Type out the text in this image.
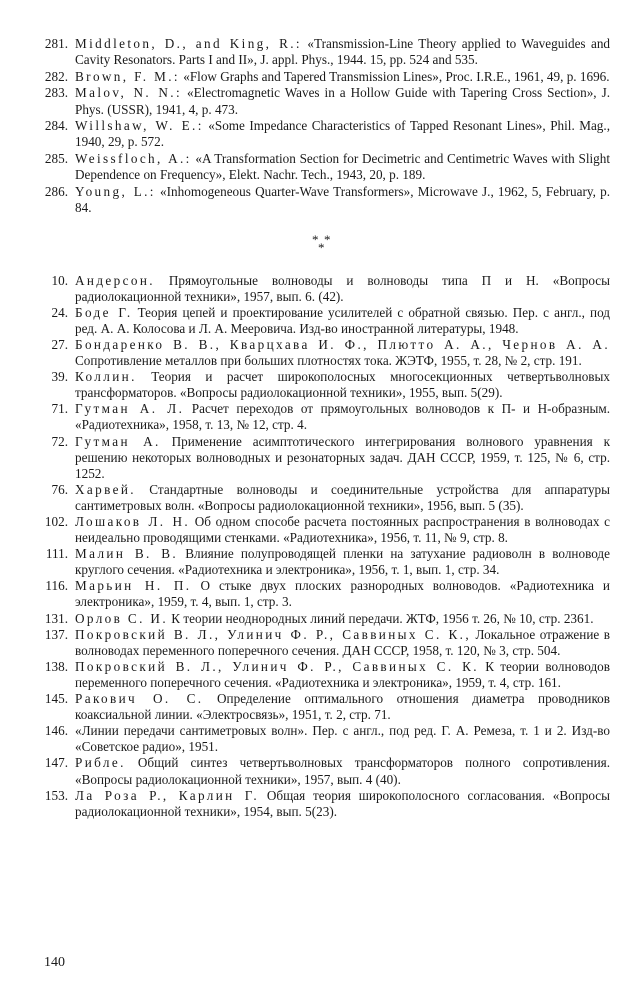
281. Middleton, D., and King, R.: «Transmission-Line Theory applied to Waveguides and Cavity Resonators. Parts I and II», J. appl. Phys., 1944. 15, pp. 524 and 535.
282. Brown, F. M.: «Flow Graphs and Tapered Transmission Lines», Proc. I.R.E., 1961, 49, p. 1696.
283. Malov, N. N.: «Electromagnetic Waves in a Hollow Guide with Tapering Cross Section», J. Phys. (USSR), 1941, 4, p. 473.
284. Willshaw, W. E.: «Some Impedance Characteristics of Tapped Resonant Lines», Phil. Mag., 1940, 29, p. 572.
285. Weissfloch, A.: «A Transformation Section for Decimetric and Centimetric Waves with Slight Dependence on Frequency», Elekt. Nachr. Tech., 1943, 20, p. 189.
286. Young, L.: «Inhomogeneous Quarter-Wave Transformers», Microwave J., 1962, 5, February, p. 84.
* *
*
10. Андерсон. Прямоугольные волноводы и волноводы типа П и Н. «Вопросы радиолокационной техники», 1957, вып. 6. (42).
24. Боде Г. Теория цепей и проектирование усилителей с обратной связью. Пер. с англ., под ред. А. А. Колосова и Л. А. Мееровича. Изд-во иностранной литературы, 1948.
27. Бондаренко В. В., Кварцхава И. Ф., Плютто А. А., Чернов А. А. Сопротивление металлов при больших плотностях тока. ЖЭТФ, 1955, т. 28, № 2, стр. 191.
39. Коллин. Теория и расчет широкополосных многосекционных четвертьволновых трансформаторов. «Вопросы радиолокационной техники», 1955, вып. 5(29).
71. Гутман А. Л. Расчет переходов от прямоугольных волноводов к П- и Н-образным. «Радиотехника», 1958, т. 13, № 12, стр. 4.
72. Гутман А. Применение асимптотического интегрирования волнового уравнения к решению некоторых волноводных и резонаторных задач. ДАН СССР, 1959, т. 125, № 6, стр. 1252.
76. Харвей. Стандартные волноводы и соединительные устройства для аппаратуры сантиметровых волн. «Вопросы радиолокационной техники», 1956, вып. 5 (35).
102. Лошаков Л. Н. Об одном способе расчета постоянных распространения в волноводах с неидеально проводящими стенками. «Радиотехника», 1956, т. 11, № 9, стр. 8.
111. Малин В. В. Влияние полупроводящей пленки на затухание радиоволн в волноводе круглого сечения. «Радиотехника и электроника», 1956, т. 1, вып. 1, стр. 34.
116. Марьин Н. П. О стыке двух плоских разнородных волноводов. «Радиотехника и электроника», 1959, т. 4, вып. 1, стр. 3.
131. Орлов С. И. К теории неоднородных линий передачи. ЖТФ, 1956 т. 26, № 10, стр. 2361.
137. Покровский В. Л., Улинич Ф. Р., Саввиных С. К., Локальное отражение в волноводах переменного поперечного сечения. ДАН СССР, 1958, т. 120, № 3, стр. 504.
138. Покровский В. Л., Улинич Ф. Р., Саввиных С. К. К теории волноводов переменного поперечного сечения. «Радиотехника и электроника», 1959, т. 4, стр. 161.
145. Ракович О. С. Определение оптимального отношения диаметра проводников коаксиальной линии. «Электросвязь», 1951, т. 2, стр. 71.
146. «Линии передачи сантиметровых волн». Пер. с англ., под ред. Г. А. Ремеза, т. 1 и 2. Изд-во «Советское радио», 1951.
147. Рибле. Общий синтез четвертьволновых трансформаторов полного сопротивления. «Вопросы радиолокационной техники», 1957, вып. 4 (40).
153. Ла Роза Р., Карлин Г. Общая теория широкополосного согласования. «Вопросы радиолокационной техники», 1954, вып. 5(23).
140
